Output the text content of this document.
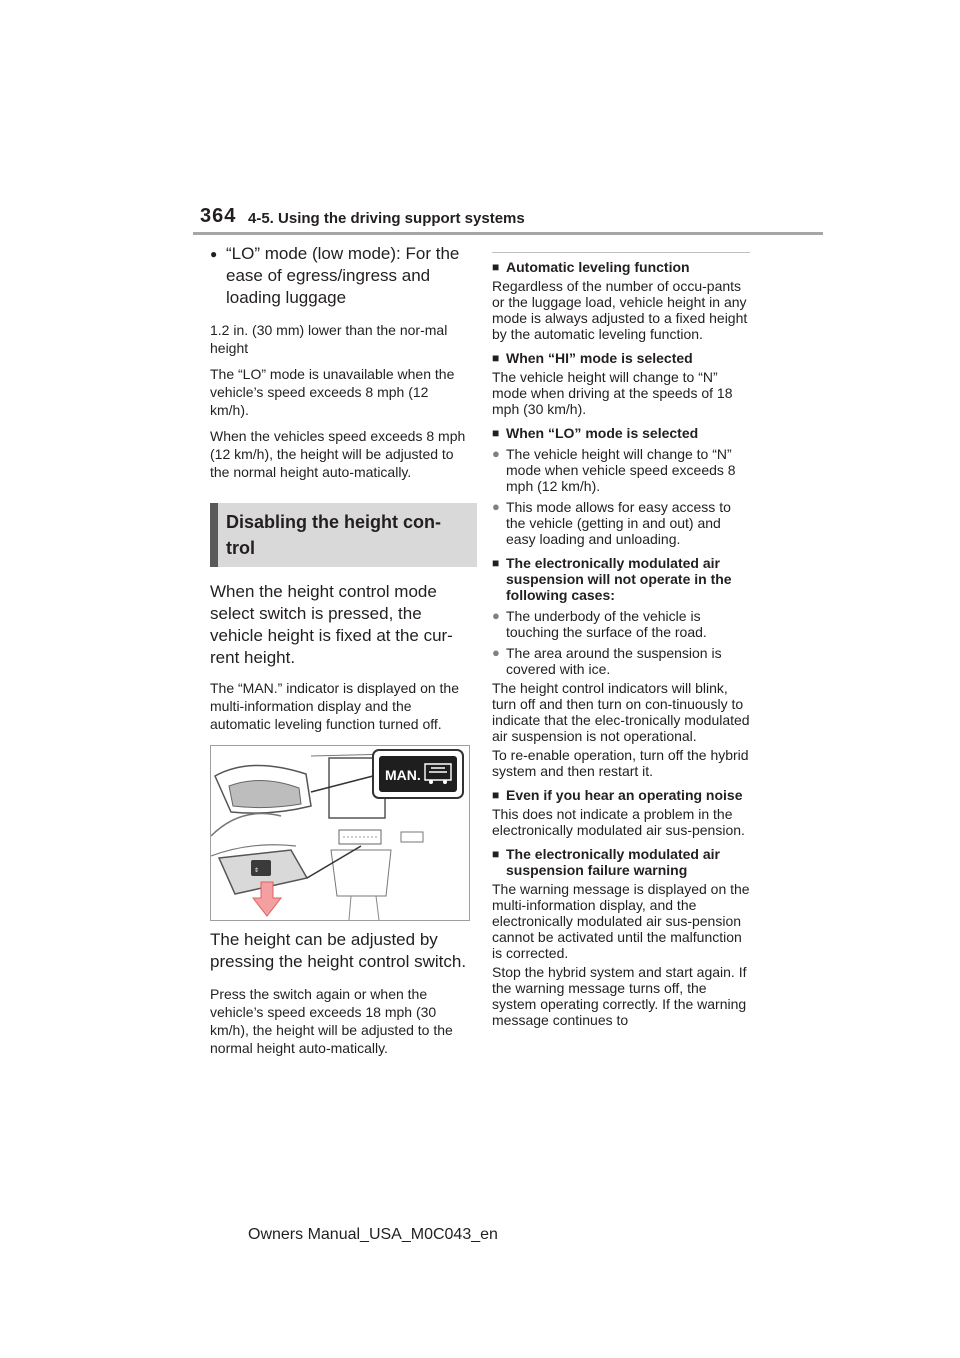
364 4-5. Using the driving support systems
● “LO” mode (low mode): For the ease of egress/ingress and loading luggage

1.2 in. (30 mm) lower than the nor-mal height

The “LO” mode is unavailable when the vehicle’s speed exceeds 8 mph (12 km/h).

When the vehicles speed exceeds 8 mph (12 km/h), the height will be adjusted to the normal height auto-matically.

Disabling the height con-trol

When the height control mode select switch is pressed, the vehicle height is fixed at the cur-rent height.

The “MAN.” indicator is displayed on the multi-information display and the automatic leveling function turned off.

MAN.
⇕

The height can be adjusted by pressing the height control switch.

Press the switch again or when the vehicle’s speed exceeds 18 mph (30 km/h), the height will be adjusted to the normal height auto-matically.

■ Automatic leveling function

Regardless of the number of occu-pants or the luggage load, vehicle height in any mode is always adjusted to a fixed height by the automatic leveling function.

■ When “HI” mode is selected

The vehicle height will change to “N” mode when driving at the speeds of 18 mph (30 km/h).

■ When “LO” mode is selected
● The vehicle height will change to “N” mode when vehicle speed exceeds 8 mph (12 km/h).
● This mode allows for easy access to the vehicle (getting in and out) and easy loading and unloading.
■ The electronically modulated air suspension will not operate in the following cases:
● The underbody of the vehicle is touching the surface of the road.
● The area around the suspension is covered with ice.

The height control indicators will blink, turn off and then turn on con-tinuously to indicate that the elec-tronically modulated air suspension is not operational.

To re-enable operation, turn off the hybrid system and then restart it.

■ Even if you hear an operating noise

This does not indicate a problem in the electronically modulated air sus-pension.

■ The electronically modulated air suspension failure warning

The warning message is displayed on the multi-information display, and the electronically modulated air sus-pension cannot be activated until the malfunction is corrected.

Stop the hybrid system and start again. If the warning message turns off, the system operating correctly. If the warning message continues to

Owners Manual_USA_M0C043_en
